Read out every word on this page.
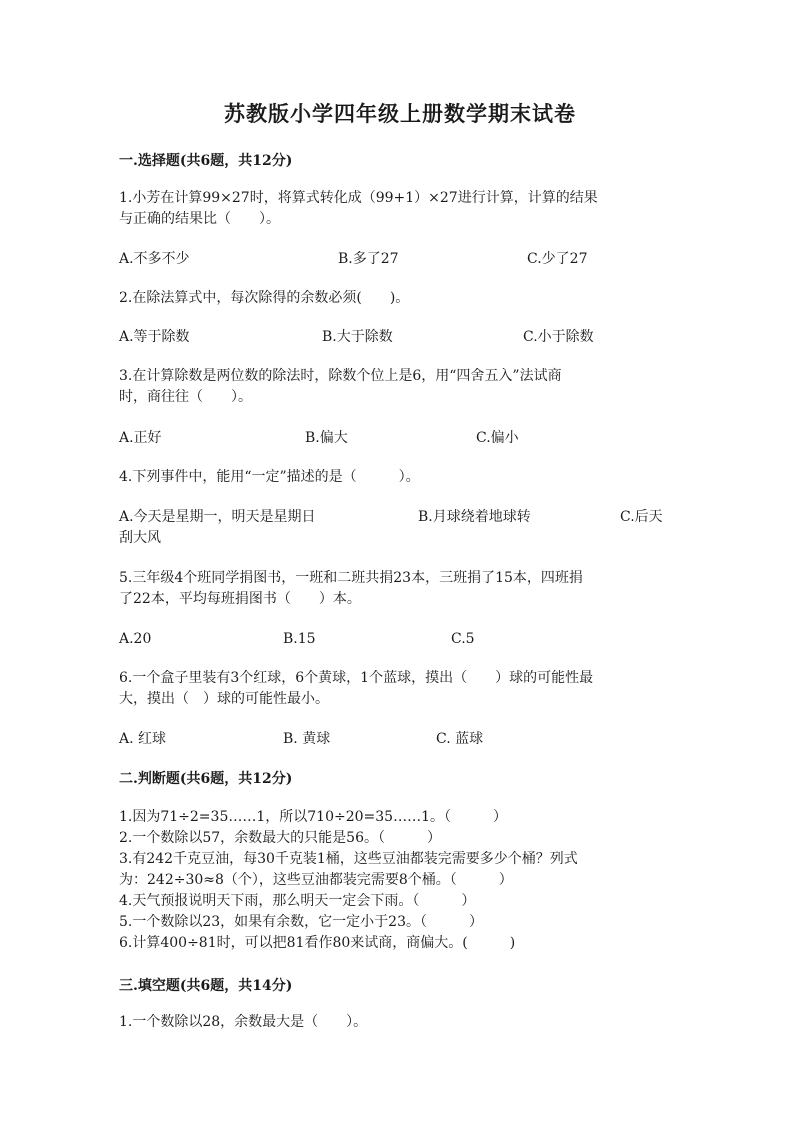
苏教版小学四年级上册数学期末试卷
一.选择题(共6题，共12分)
1.小芳在计算99×27时，将算式转化成（99+1）×27进行计算，计算的结果
与正确的结果比（　　）。
A.不多不少	B.多了27	C.少了27
2.在除法算式中，每次除得的余数必须(　　)。
A.等于除数	B.大于除数	C.小于除数
3.在计算除数是两位数的除法时，除数个位上是6，用“四舍五入”法试商
时，商往往（　　）。
A.正好	B.偏大	C.偏小
4.下列事件中，能用“一定”描述的是（　　　）。
A.今天是星期一，明天是星期日	B.月球绕着地球转	C.后天
刮大风
5.三年级4个班同学捐图书，一班和二班共捐23本，三班捐了15本，四班捐
了22本，平均每班捐图书（　　）本。
A.20	B.15	C.5
6.一个盒子里装有3个红球，6个黄球，1个蓝球，摸出（　　）球的可能性最
大，摸出（　）球的可能性最小。
A. 红球	B. 黄球	C. 蓝球
二.判断题(共6题，共12分)
1.因为71÷2=35……1，所以710÷20=35……1。（　　　）
2.一个数除以57，余数最大的只能是56。（　　　）
3.有242千克豆油，每30千克装1桶，这些豆油都装完需要多少个桶？列式
为：242÷30≈8（个），这些豆油都装完需要8个桶。（　　　）
4.天气预报说明天下雨，那么明天一定会下雨。（　　　）
5.一个数除以23，如果有余数，它一定小于23。（　　　）
6.计算400÷81时，可以把81看作80来试商，商偏大。(　　　)
三.填空题(共6题，共14分)
1.一个数除以28，余数最大是（　　）。
